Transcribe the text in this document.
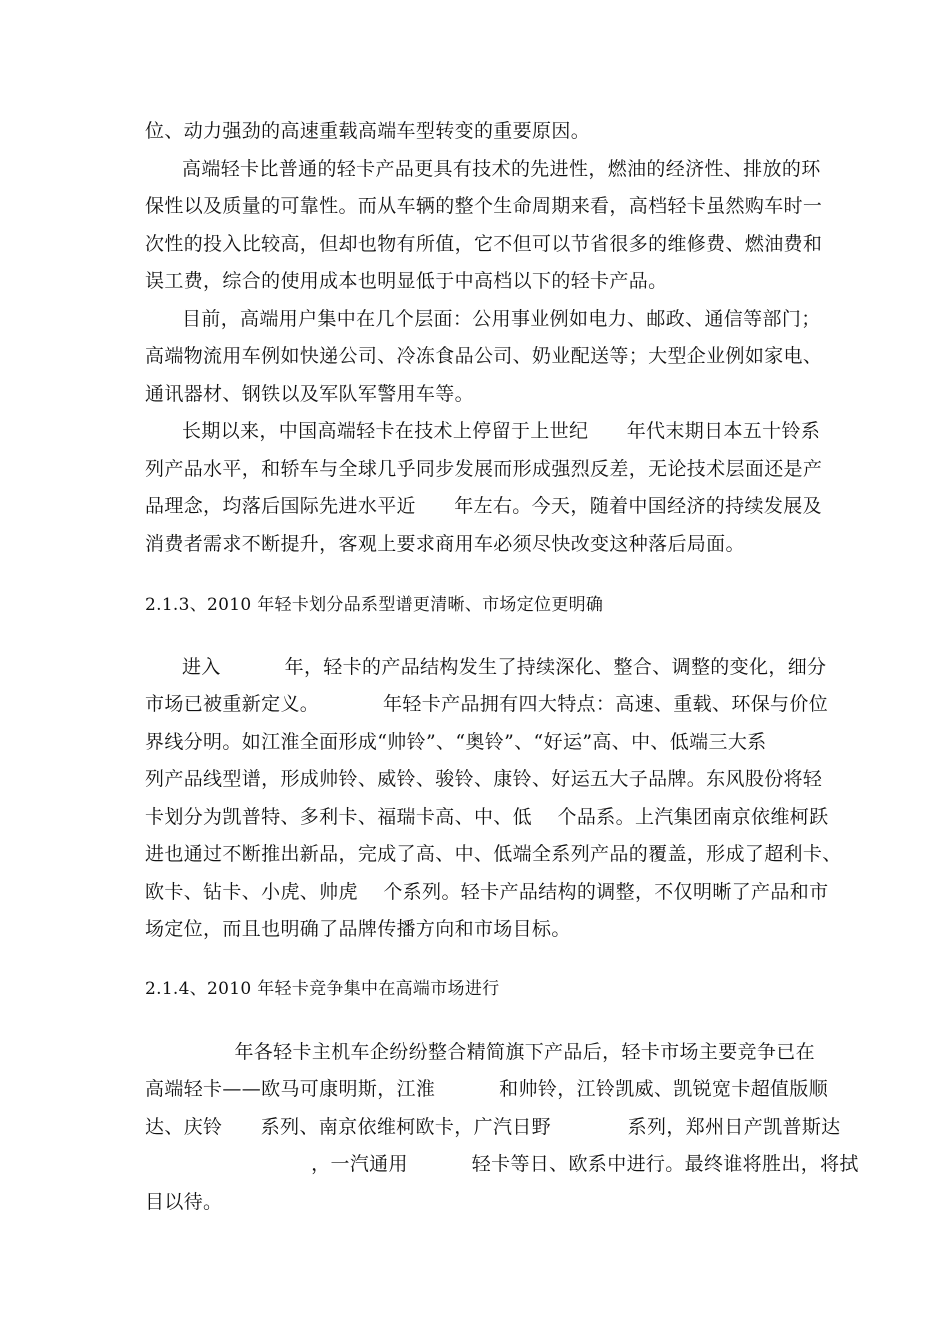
位、动力强劲的高速重载高端车型转变的重要原因。
高端轻卡比普通的轻卡产品更具有技术的先进性，燃油的经济性、排放的环
保性以及质量的可靠性。而从车辆的整个生命周期来看，高档轻卡虽然购车时一
次性的投入比较高，但却也物有所值，它不但可以节省很多的维修费、燃油费和
误工费，综合的使用成本也明显低于中高档以下的轻卡产品。
目前，高端用户集中在几个层面：公用事业例如电力、邮政、通信等部门；
高端物流用车例如快递公司、冷冻食品公司、奶业配送等；大型企业例如家电、
通讯器材、钢铁以及军队军警用车等。
长期以来，中国高端轻卡在技术上停留于上世纪      年代末期日本五十铃系
列产品水平，和轿车与全球几乎同步发展而形成强烈反差，无论技术层面还是产
品理念，均落后国际先进水平近      年左右。今天，随着中国经济的持续发展及
消费者需求不断提升，客观上要求商用车必须尽快改变这种落后局面。
2.1.3、2010 年轻卡划分品系型谱更清晰、市场定位更明确
进入          年，轻卡的产品结构发生了持续深化、整合、调整的变化，细分
市场已被重新定义。          年轻卡产品拥有四大特点：高速、重载、环保与价位
界线分明。如江淮全面形成“帅铃”、“奥铃”、“好运”高、中、低端三大系
列产品线型谱，形成帅铃、威铃、骏铃、康铃、好运五大子品牌。东风股份将轻
卡划分为凯普特、多利卡、福瑞卡高、中、低    个品系。上汽集团南京依维柯跃
进也通过不断推出新品，完成了高、中、低端全系列产品的覆盖，形成了超利卡、
欧卡、钻卡、小虎、帅虎    个系列。轻卡产品结构的调整，不仅明晰了产品和市
场定位，而且也明确了品牌传播方向和市场目标。
2.1.4、2010 年轻卡竞争集中在高端市场进行
年各轻卡主机车企纷纷整合精简旗下产品后，轻卡市场主要竞争已在
高端轻卡——欧马可康明斯，江淮          和帅铃，江铃凯威、凯锐宽卡超值版顺
达、庆铃      系列、南京依维柯欧卡，广汽日野            系列，郑州日产凯普斯达
，一汽通用          轻卡等日、欧系中进行。最终谁将胜出，将拭
目以待。
